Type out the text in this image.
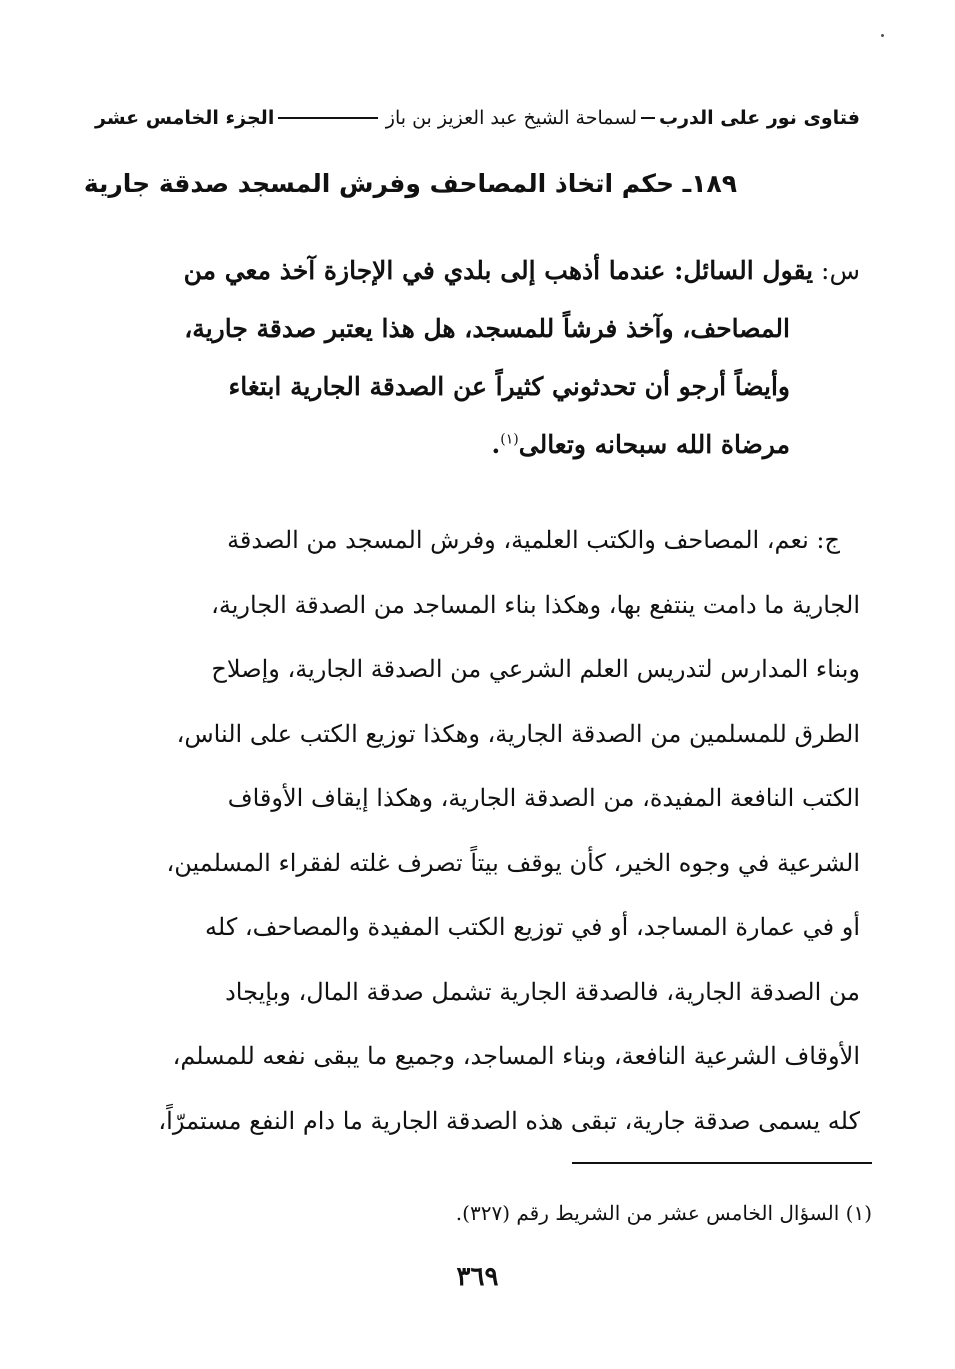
فتاوى نور على الدرب
لسماحة الشيخ عبد العزيز بن باز
الجزء الخامس عشر
١٨٩ـ حكم اتخاذ المصاحف وفرش المسجد صدقة جارية
س: يقول السائل: عندما أذهب إلى بلدي في الإجازة آخذ معي من
المصاحف، وآخذ فرشاً للمسجد، هل هذا يعتبر صدقة جارية،
وأيضاً أرجو أن تحدثوني كثيراً عن الصدقة الجارية ابتغاء
مرضاة الله سبحانه وتعالى$^{(١)}$.
ج: نعم، المصاحف والكتب العلمية، وفرش المسجد من الصدقة
الجارية ما دامت ينتفع بها، وهكذا بناء المساجد من الصدقة الجارية،
وبناء المدارس لتدريس العلم الشرعي من الصدقة الجارية، وإصلاح
الطرق للمسلمين من الصدقة الجارية، وهكذا توزيع الكتب على الناس،
الكتب النافعة المفيدة، من الصدقة الجارية، وهكذا إيقاف الأوقاف
الشرعية في وجوه الخير، كأن يوقف بيتاً تصرف غلته لفقراء المسلمين،
أو في عمارة المساجد، أو في توزيع الكتب المفيدة والمصاحف، كله
من الصدقة الجارية، فالصدقة الجارية تشمل صدقة المال، وبإيجاد
الأوقاف الشرعية النافعة، وبناء المساجد، وجميع ما يبقى نفعه للمسلم،
كله يسمى صدقة جارية، تبقى هذه الصدقة الجارية ما دام النفع مستمرّاً،
(١) السؤال الخامس عشر من الشريط رقم (٣٢٧).
٣٦٩
